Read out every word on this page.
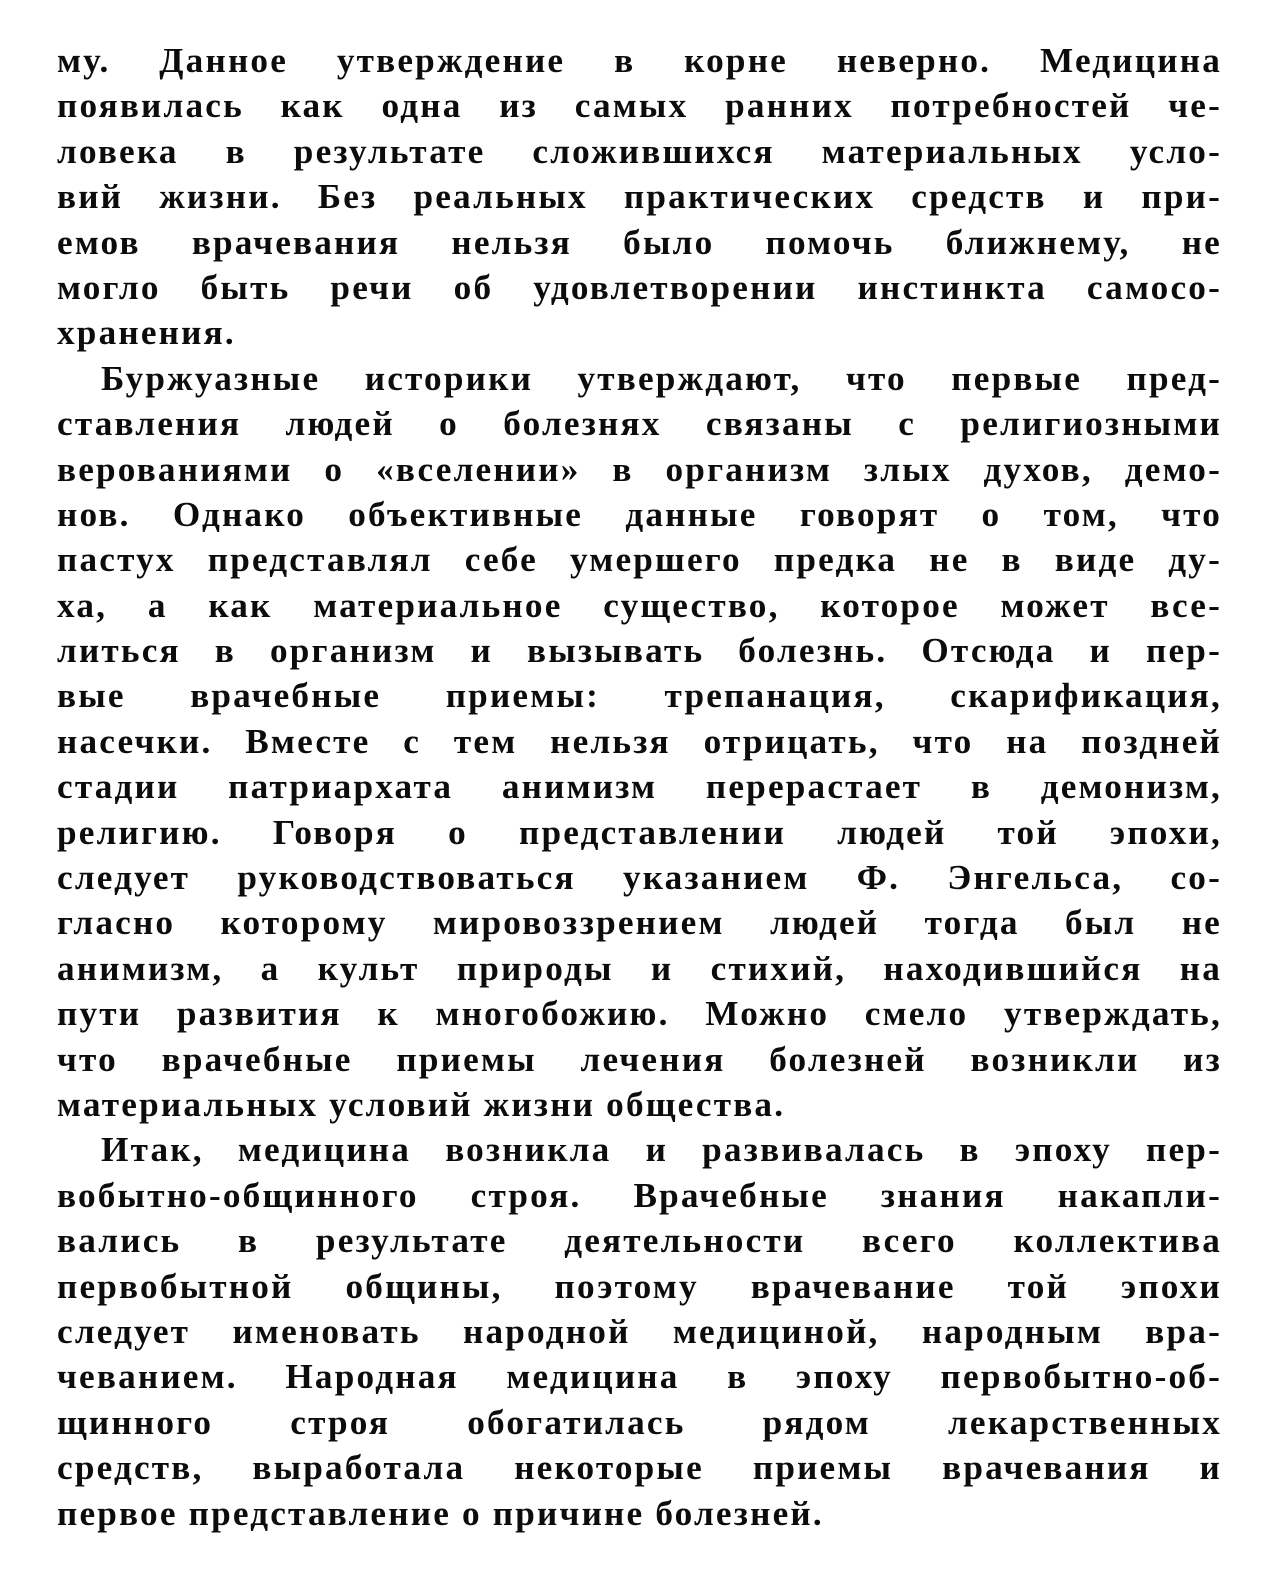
му. Данное утверждение в корне неверно. Медицина
появилась как одна из самых ранних потребностей че-
ловека в результате сложившихся материальных усло-
вий жизни. Без реальных практических средств и при-
емов врачевания нельзя было помочь ближнему, не
могло быть речи об удовлетворении инстинкта самосо-
хранения.
Буржуазные историки утверждают, что первые пред-
ставления людей о болезнях связаны с религиозными
верованиями о «вселении» в организм злых духов, демо-
нов. Однако объективные данные говорят о том, что
пастух представлял себе умершего предка не в виде ду-
ха, а как материальное существо, которое может все-
литься в организм и вызывать болезнь. Отсюда и пер-
вые врачебные приемы: трепанация, скарификация,
насечки. Вместе с тем нельзя отрицать, что на поздней
стадии патриархата анимизм перерастает в демонизм,
религию. Говоря о представлении людей той эпохи,
следует руководствоваться указанием Ф. Энгельса, со-
гласно которому мировоззрением людей тогда был не
анимизм, а культ природы и стихий, находившийся на
пути развития к многобожию. Можно смело утверждать,
что врачебные приемы лечения болезней возникли из
материальных условий жизни общества.
Итак, медицина возникла и развивалась в эпоху пер-
вобытно-общинного строя. Врачебные знания накапли-
вались в результате деятельности всего коллектива
первобытной общины, поэтому врачевание той эпохи
следует именовать народной медициной, народным вра-
чеванием. Народная медицина в эпоху первобытно-об-
щинного строя обогатилась рядом лекарственных
средств, выработала некоторые приемы врачевания и
первое представление о причине болезней.
